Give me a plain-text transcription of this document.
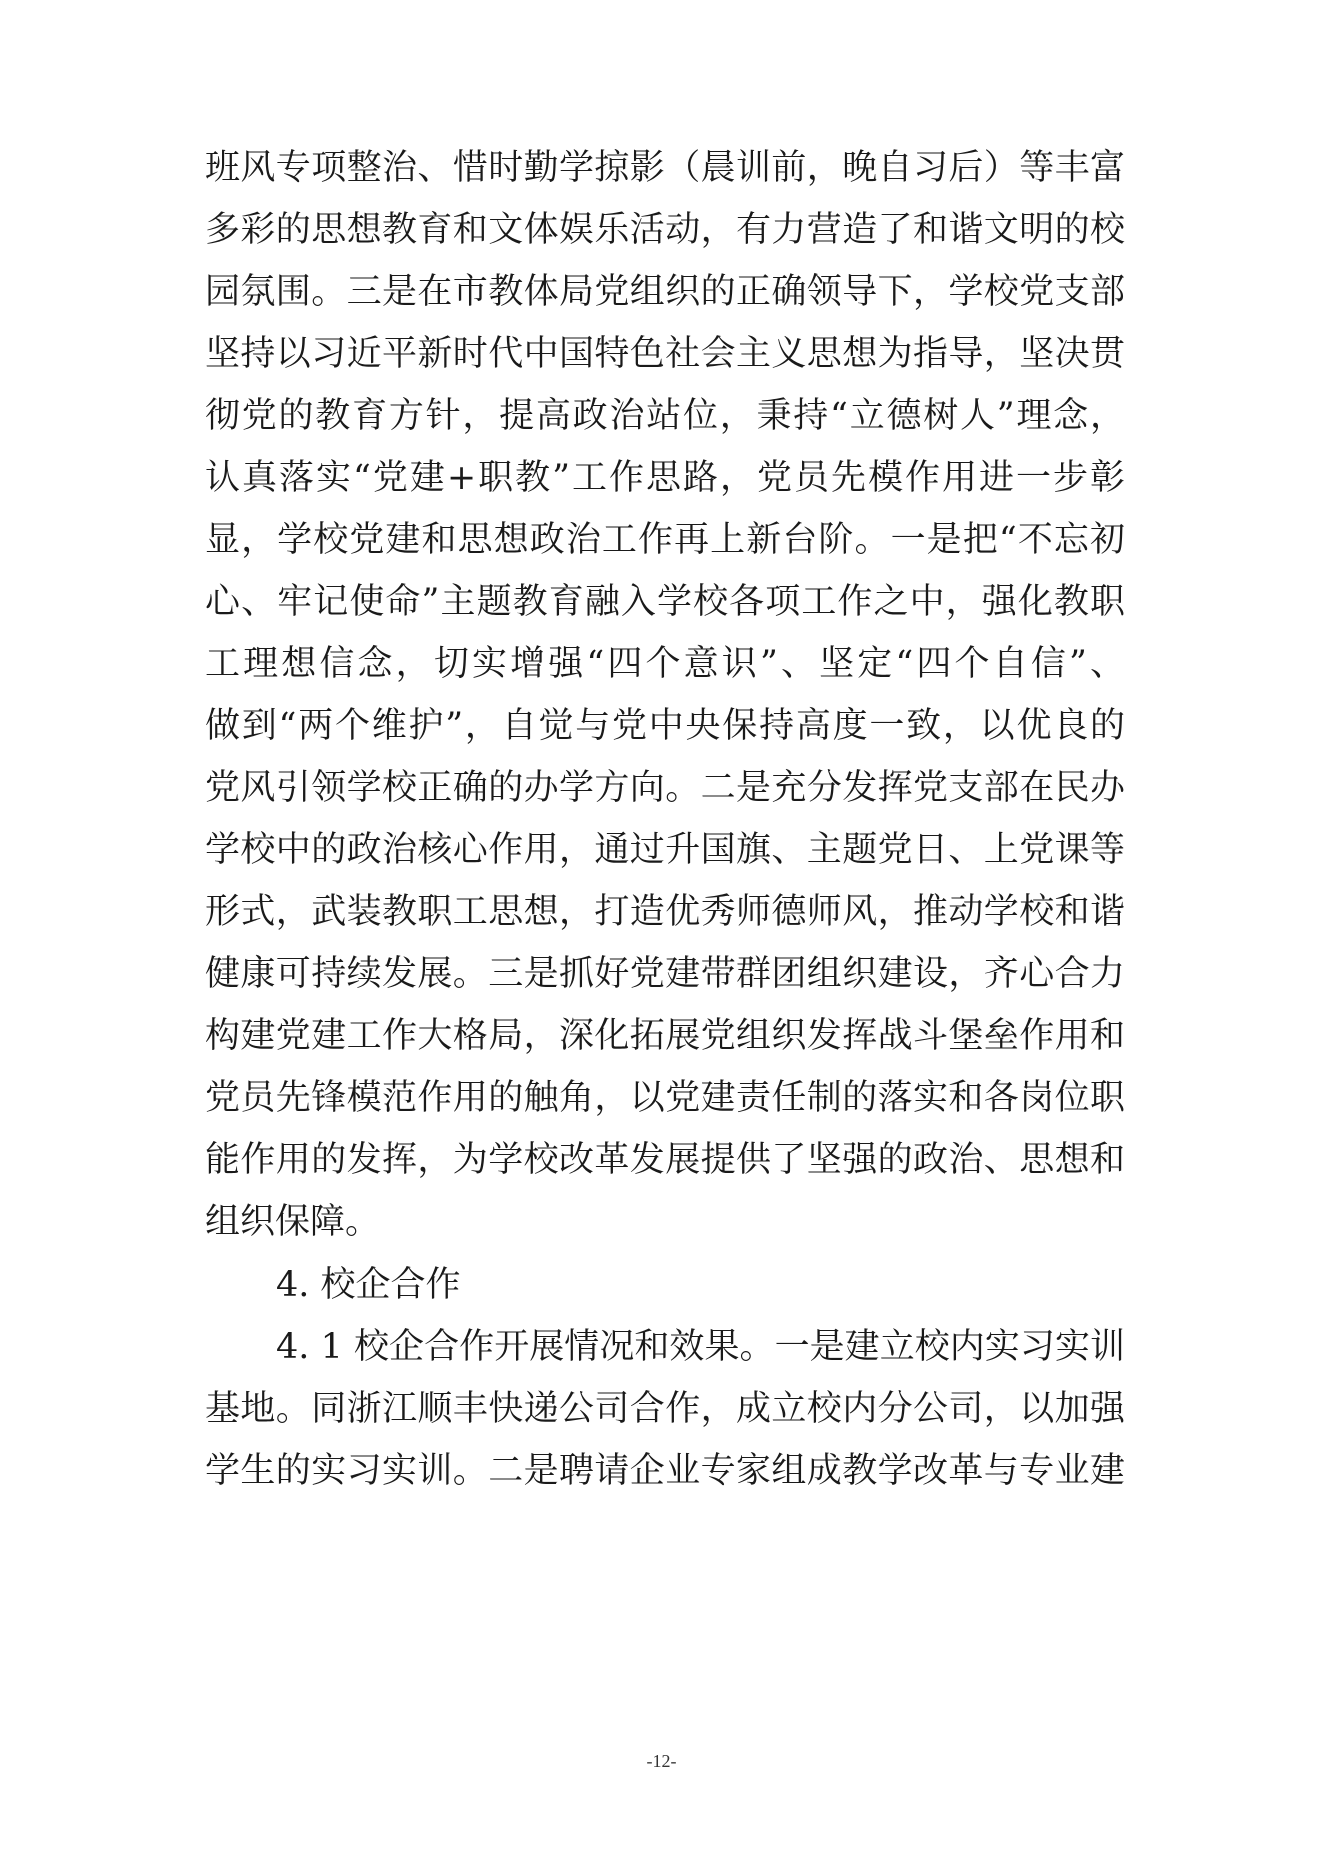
班风专项整治、惜时勤学掠影（晨训前，晚自习后）等丰富
多彩的思想教育和文体娱乐活动，有力营造了和谐文明的校
园氛围。三是在市教体局党组织的正确领导下，学校党支部
坚持以习近平新时代中国特色社会主义思想为指导，坚决贯
彻党的教育方针，提高政治站位，秉持“立德树人”理念，
认真落实“党建+职教”工作思路，党员先模作用进一步彰
显，学校党建和思想政治工作再上新台阶。一是把“不忘初
心、牢记使命”主题教育融入学校各项工作之中，强化教职
工理想信念，切实增强“四个意识”、坚定“四个自信”、
做到“两个维护”，自觉与党中央保持高度一致，以优良的
党风引领学校正确的办学方向。二是充分发挥党支部在民办
学校中的政治核心作用，通过升国旗、主题党日、上党课等
形式，武装教职工思想，打造优秀师德师风，推动学校和谐
健康可持续发展。三是抓好党建带群团组织建设，齐心合力
构建党建工作大格局，深化拓展党组织发挥战斗堡垒作用和
党员先锋模范作用的触角，以党建责任制的落实和各岗位职
能作用的发挥，为学校改革发展提供了坚强的政治、思想和
组织保障。
4. 校企合作
4. 1 校企合作开展情况和效果。一是建立校内实习实训
基地。同浙江顺丰快递公司合作，成立校内分公司，以加强
学生的实习实训。二是聘请企业专家组成教学改革与专业建
-12-
